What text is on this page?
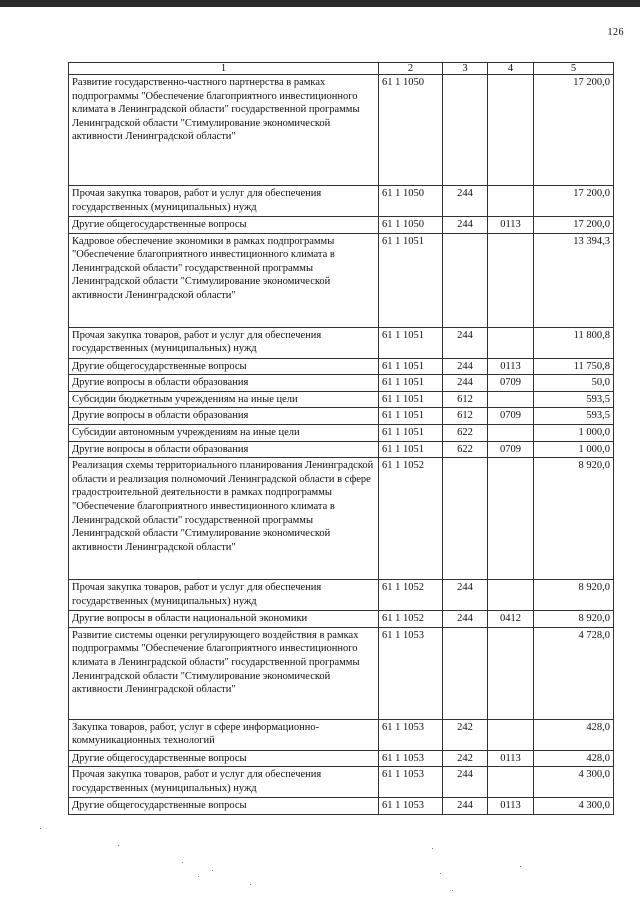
126
1	2	3	4	5
Развитие государственно-частного партнерства в рамках подпрограммы "Обеспечение благоприятного инвестиционного климата в Ленинградской области" государственной программы Ленинградской области "Стимулирование экономической активности Ленинградской области"	61 1 1050			17 200,0
Прочая закупка товаров, работ и услуг для обеспечения государственных (муниципальных) нужд	61 1 1050	244		17 200,0
Другие общегосударственные вопросы	61 1 1050	244	0113	17 200,0
Кадровое обеспечение экономики в рамках подпрограммы "Обеспечение благоприятного инвестиционного климата в Ленинградской области" государственной программы Ленинградской области "Стимулирование экономической активности Ленинградской области"	61 1 1051			13 394,3
Прочая закупка товаров, работ и услуг для обеспечения государственных (муниципальных) нужд	61 1 1051	244		11 800,8
Другие общегосударственные вопросы	61 1 1051	244	0113	11 750,8
Другие вопросы в области образования	61 1 1051	244	0709	50,0
Субсидии бюджетным учреждениям на иные цели	61 1 1051	612		593,5
Другие вопросы в области образования	61 1 1051	612	0709	593,5
Субсидии автономным учреждениям на иные цели	61 1 1051	622		1 000,0
Другие вопросы в области образования	61 1 1051	622	0709	1 000,0
Реализация схемы территориального планирования Ленинградской области и реализация полномочий Ленинградской области в сфере градостроительной деятельности в рамках подпрограммы "Обеспечение благоприятного инвестиционного климата в Ленинградской области" государственной программы Ленинградской области "Стимулирование экономической активности Ленинградской области"	61 1 1052			8 920,0
Прочая закупка товаров, работ и услуг для обеспечения государственных (муниципальных) нужд	61 1 1052	244		8 920,0
Другие вопросы в области национальной экономики	61 1 1052	244	0412	8 920,0
Развитие системы оценки регулирующего воздействия в рамках подпрограммы "Обеспечение благоприятного инвестиционного климата в Ленинградской области" государственной программы Ленинградской области "Стимулирование экономической активности Ленинградской области"	61 1 1053			4 728,0
Закупка товаров, работ, услуг в сфере информационно-коммуникационных технологий	61 1 1053	242		428,0
Другие общегосударственные вопросы	61 1 1053	242	0113	428,0
Прочая закупка товаров, работ и услуг для обеспечения государственных (муниципальных) нужд	61 1 1053	244		4 300,0
Другие общегосударственные вопросы	61 1 1053	244	0113	4 300,0
